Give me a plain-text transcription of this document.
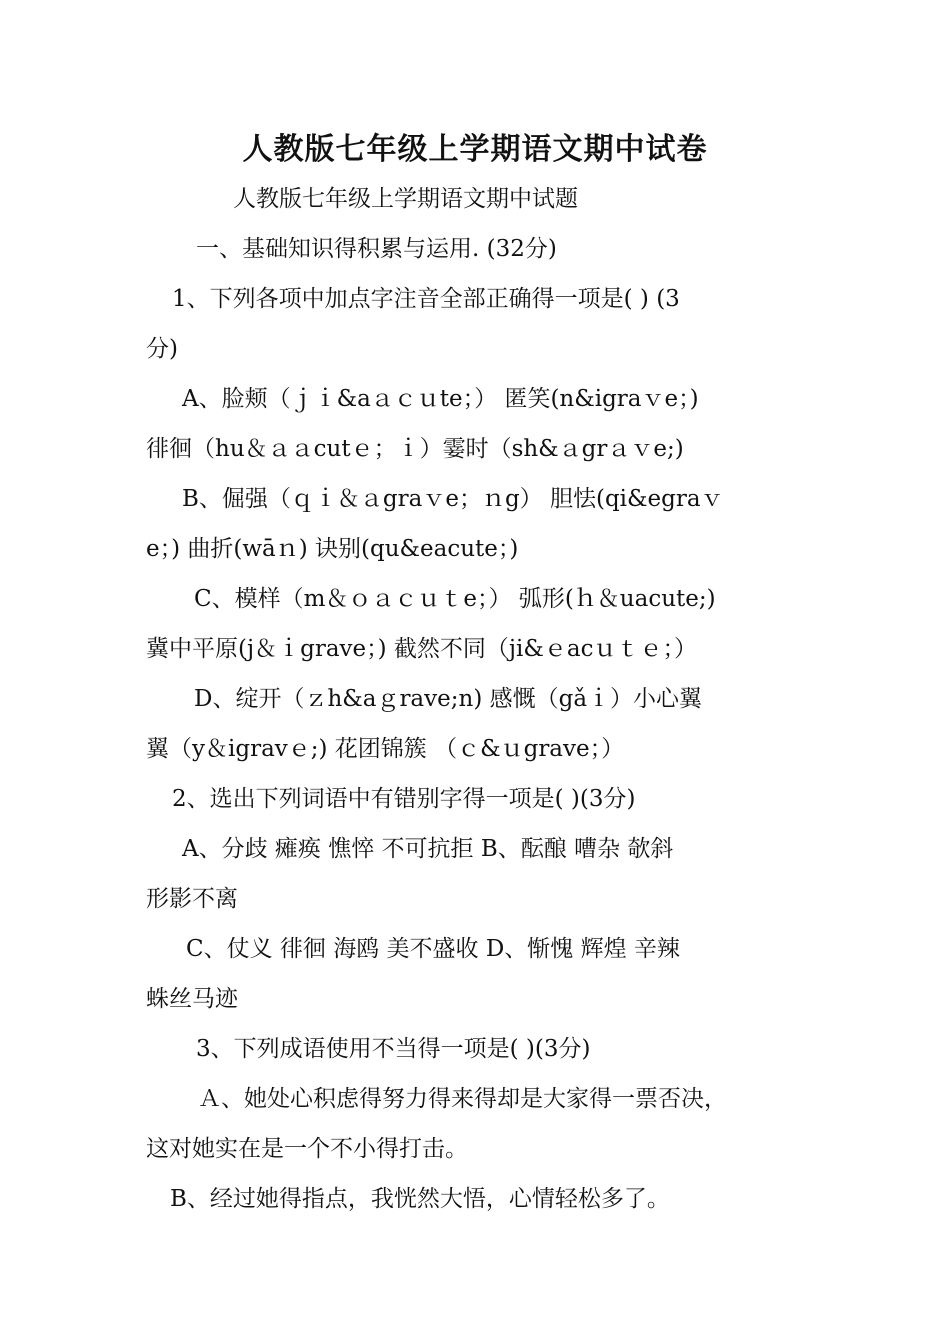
人教版七年级上学期语文期中试卷

人教版七年级上学期语文期中试题

一、基础知识得积累与运用. (32分)

1、下列各项中加点字注音全部正确得一项是( ) (3

分)

A、脸颊（ｊｉ&aａｃｕte；） 匿笑(n&igraｖe；)

徘徊（hu＆ａａcutｅ；ｉ）霎时（sh&ａgrａｖe;)

B、倔强（ｑｉ＆ａgraｖe；ｎg） 胆怯(qi&egraｖ

e；) 曲折(wāｎ) 诀别(qu&eacute；)

C、模样（m＆ｏａｃｕｔe；） 弧形(ｈ＆uacute;)

冀中平原(j＆ｉgrave；) 截然不同（ji&ｅacｕｔｅ；）

D、绽开（ｚh&aｇrave;n) 感慨（gǎｉ）小心翼

翼（y＆igravｅ;) 花团锦簇 （ｃ&ｕgrave；）

2、选出下列词语中有错别字得一项是( )(3分)

A、分歧 瘫痪 憔悴 不可抗拒 B、酝酿 嘈杂 欹斜

形影不离

C、仗义 徘徊 海鸥 美不盛收 D、惭愧 辉煌 辛辣

蛛丝马迹

3、下列成语使用不当得一项是( )(3分)

Ａ、她处心积虑得努力得来得却是大家得一票否决，

这对她实在是一个不小得打击。

B、经过她得指点，我恍然大悟，心情轻松多了。
